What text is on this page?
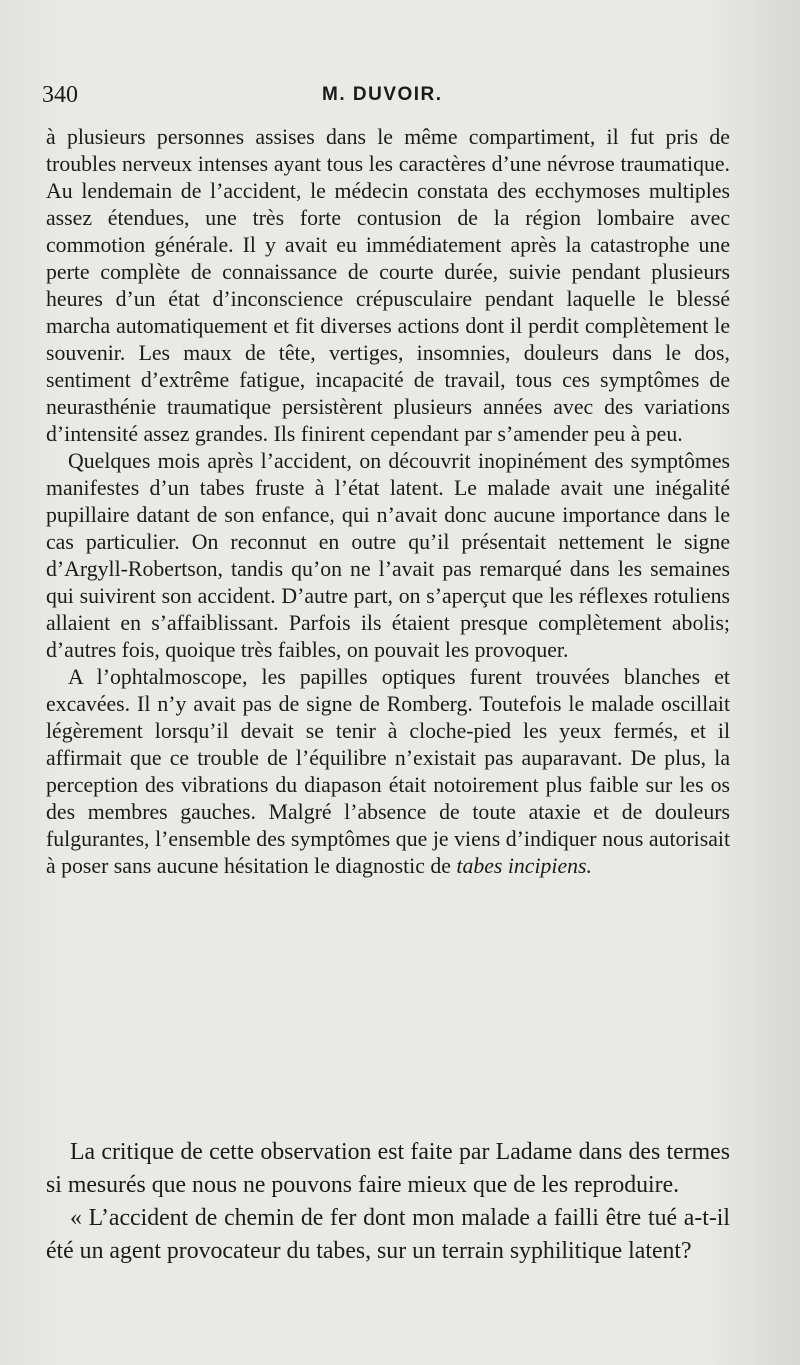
340	M. DUVOIR.

à plusieurs personnes assises dans le même compartiment, il fut pris de troubles nerveux intenses ayant tous les caractères d’une névrose traumatique. Au lendemain de l’accident, le médecin constata des ecchymoses multiples assez étendues, une très forte contusion de la région lombaire avec commotion générale. Il y avait eu immédiatement après la catastrophe une perte complète de connaissance de courte durée, suivie pendant plusieurs heures d’un état d’inconscience crépusculaire pendant laquelle le blessé marcha automatiquement et fit diverses actions dont il perdit complètement le souvenir. Les maux de tête, vertiges, insomnies, douleurs dans le dos, sentiment d’extrême fatigue, incapacité de travail, tous ces symptômes de neurasthénie traumatique persistèrent plusieurs années avec des variations d’intensité assez grandes. Ils finirent cependant par s’amender peu à peu.

Quelques mois après l’accident, on découvrit inopinément des symptômes manifestes d’un tabes fruste à l’état latent. Le malade avait une inégalité pupillaire datant de son enfance, qui n’avait donc aucune importance dans le cas particulier. On reconnut en outre qu’il présentait nettement le signe d’Argyll-Robertson, tandis qu’on ne l’avait pas remarqué dans les semaines qui suivirent son accident. D’autre part, on s’aperçut que les réflexes rotuliens allaient en s’affaiblissant. Parfois ils étaient presque complètement abolis; d’autres fois, quoique très faibles, on pouvait les provoquer.

A l’ophtalmoscope, les papilles optiques furent trouvées blanches et excavées. Il n’y avait pas de signe de Romberg. Toutefois le malade oscillait légèrement lorsqu’il devait se tenir à cloche-pied les yeux fermés, et il affirmait que ce trouble de l’équilibre n’existait pas auparavant. De plus, la perception des vibrations du diapason était notoirement plus faible sur les os des membres gauches. Malgré l’absence de toute ataxie et de douleurs fulgurantes, l’ensemble des symptômes que je viens d’indiquer nous autorisait à poser sans aucune hésitation le diagnostic de tabes incipiens.

La critique de cette observation est faite par Ladame dans des termes si mesurés que nous ne pouvons faire mieux que de les reproduire.

« L’accident de chemin de fer dont mon malade a failli être tué a-t-il été un agent provocateur du tabes, sur un terrain syphilitique latent?
